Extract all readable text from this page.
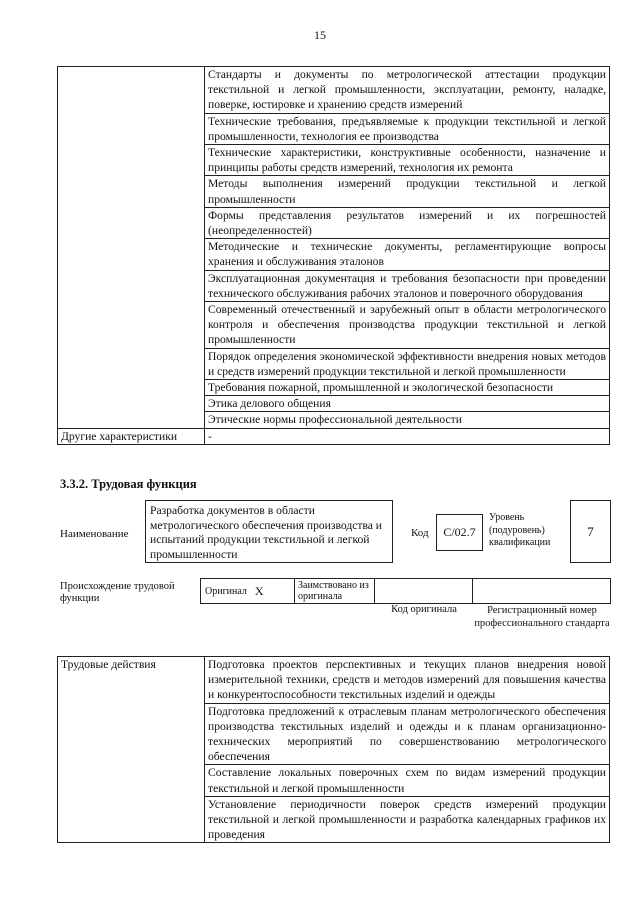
15
	Стандарты и документы по метрологической аттестации продукции текстильной и легкой промышленности, эксплуатации, ремонту, наладке, поверке, юстировке и хранению средств измерений
	Технические требования, предъявляемые к продукции текстильной и легкой промышленности, технология ее производства
	Технические характеристики, конструктивные особенности, назначение и принципы работы средств измерений, технология их ремонта
	Методы выполнения измерений продукции текстильной и легкой промышленности
	Формы представления результатов измерений и их погрешностей (неопределенностей)
	Методические и технические документы, регламентирующие вопросы хранения и обслуживания эталонов
	Эксплуатационная документация и требования безопасности при проведении технического обслуживания рабочих эталонов и поверочного оборудования
	Современный отечественный и зарубежный опыт в области метрологического контроля и обеспечения производства продукции текстильной и легкой промышленности
	Порядок определения экономической эффективности внедрения новых методов и средств измерений продукции текстильной и легкой промышленности
	Требования пожарной, промышленной и экологической безопасности
	Этика делового общения
	Этические нормы профессиональной деятельности
Другие характеристики	-
3.3.2. Трудовая функция
Наименование
Разработка документов в области метрологического обеспечения производства и испытаний продукции текстильной и легкой промышленности
Код	C/02.7
Уровень (подуровень) квалификации
7
Происхождение трудовой функции
Оригинал X	Заимствовано из оригинала
Код оригинала	Регистрационный номер профессионального стандарта
Трудовые действия	Подготовка проектов перспективных и текущих планов внедрения новой измерительной техники, средств и методов измерений для повышения качества и конкурентоспособности текстильных изделий и одежды
Подготовка предложений к отраслевым планам метрологического обеспечения производства текстильных изделий и одежды и к планам организационно-технических мероприятий по совершенствованию метрологического обеспечения
Составление локальных поверочных схем по видам измерений продукции текстильной и легкой промышленности
Установление периодичности поверок средств измерений продукции текстильной и легкой промышленности и разработка календарных графиков их проведения
